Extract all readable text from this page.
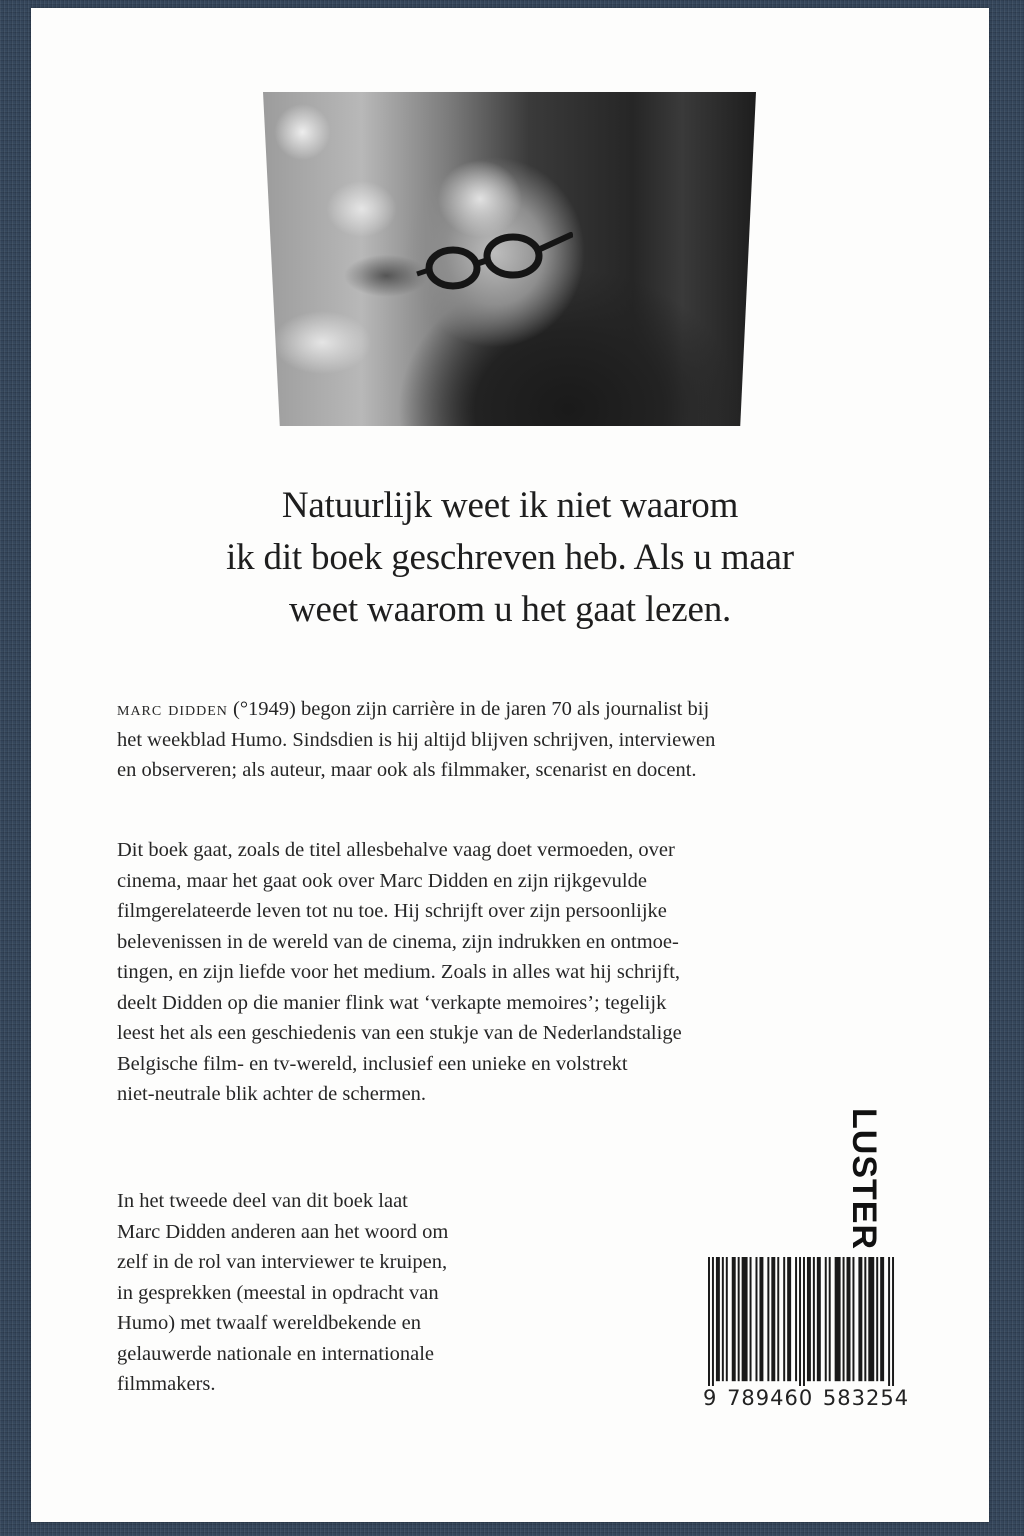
Natuurlijk weet ik niet waarom
ik dit boek geschreven heb. Als u maar
weet waarom u het gaat lezen.
marc didden (°1949) begon zijn carrière in de jaren 70 als journalist bij
het weekblad Humo. Sindsdien is hij altijd blijven schrijven, interviewen
en observeren; als auteur, maar ook als filmmaker, scenarist en docent.
Dit boek gaat, zoals de titel allesbehalve vaag doet vermoeden, over
cinema, maar het gaat ook over Marc Didden en zijn rijkgevulde
filmgerelateerde leven tot nu toe. Hij schrijft over zijn persoonlijke
belevenissen in de wereld van de cinema, zijn indrukken en ontmoe-
tingen, en zijn liefde voor het medium. Zoals in alles wat hij schrijft,
deelt Didden op die manier flink wat ‘verkapte memoires’; tegelijk
leest het als een geschiedenis van een stukje van de Nederlandstalige
Belgische film- en tv-wereld, inclusief een unieke en volstrekt
niet-neutrale blik achter de schermen.
In het tweede deel van dit boek laat
Marc Didden anderen aan het woord om
zelf in de rol van interviewer te kruipen,
in gesprekken (meestal in opdracht van
Humo) met twaalf wereldbekende en
gelauwerde nationale en internationale
filmmakers.
LUSTER
9 789460 583254
